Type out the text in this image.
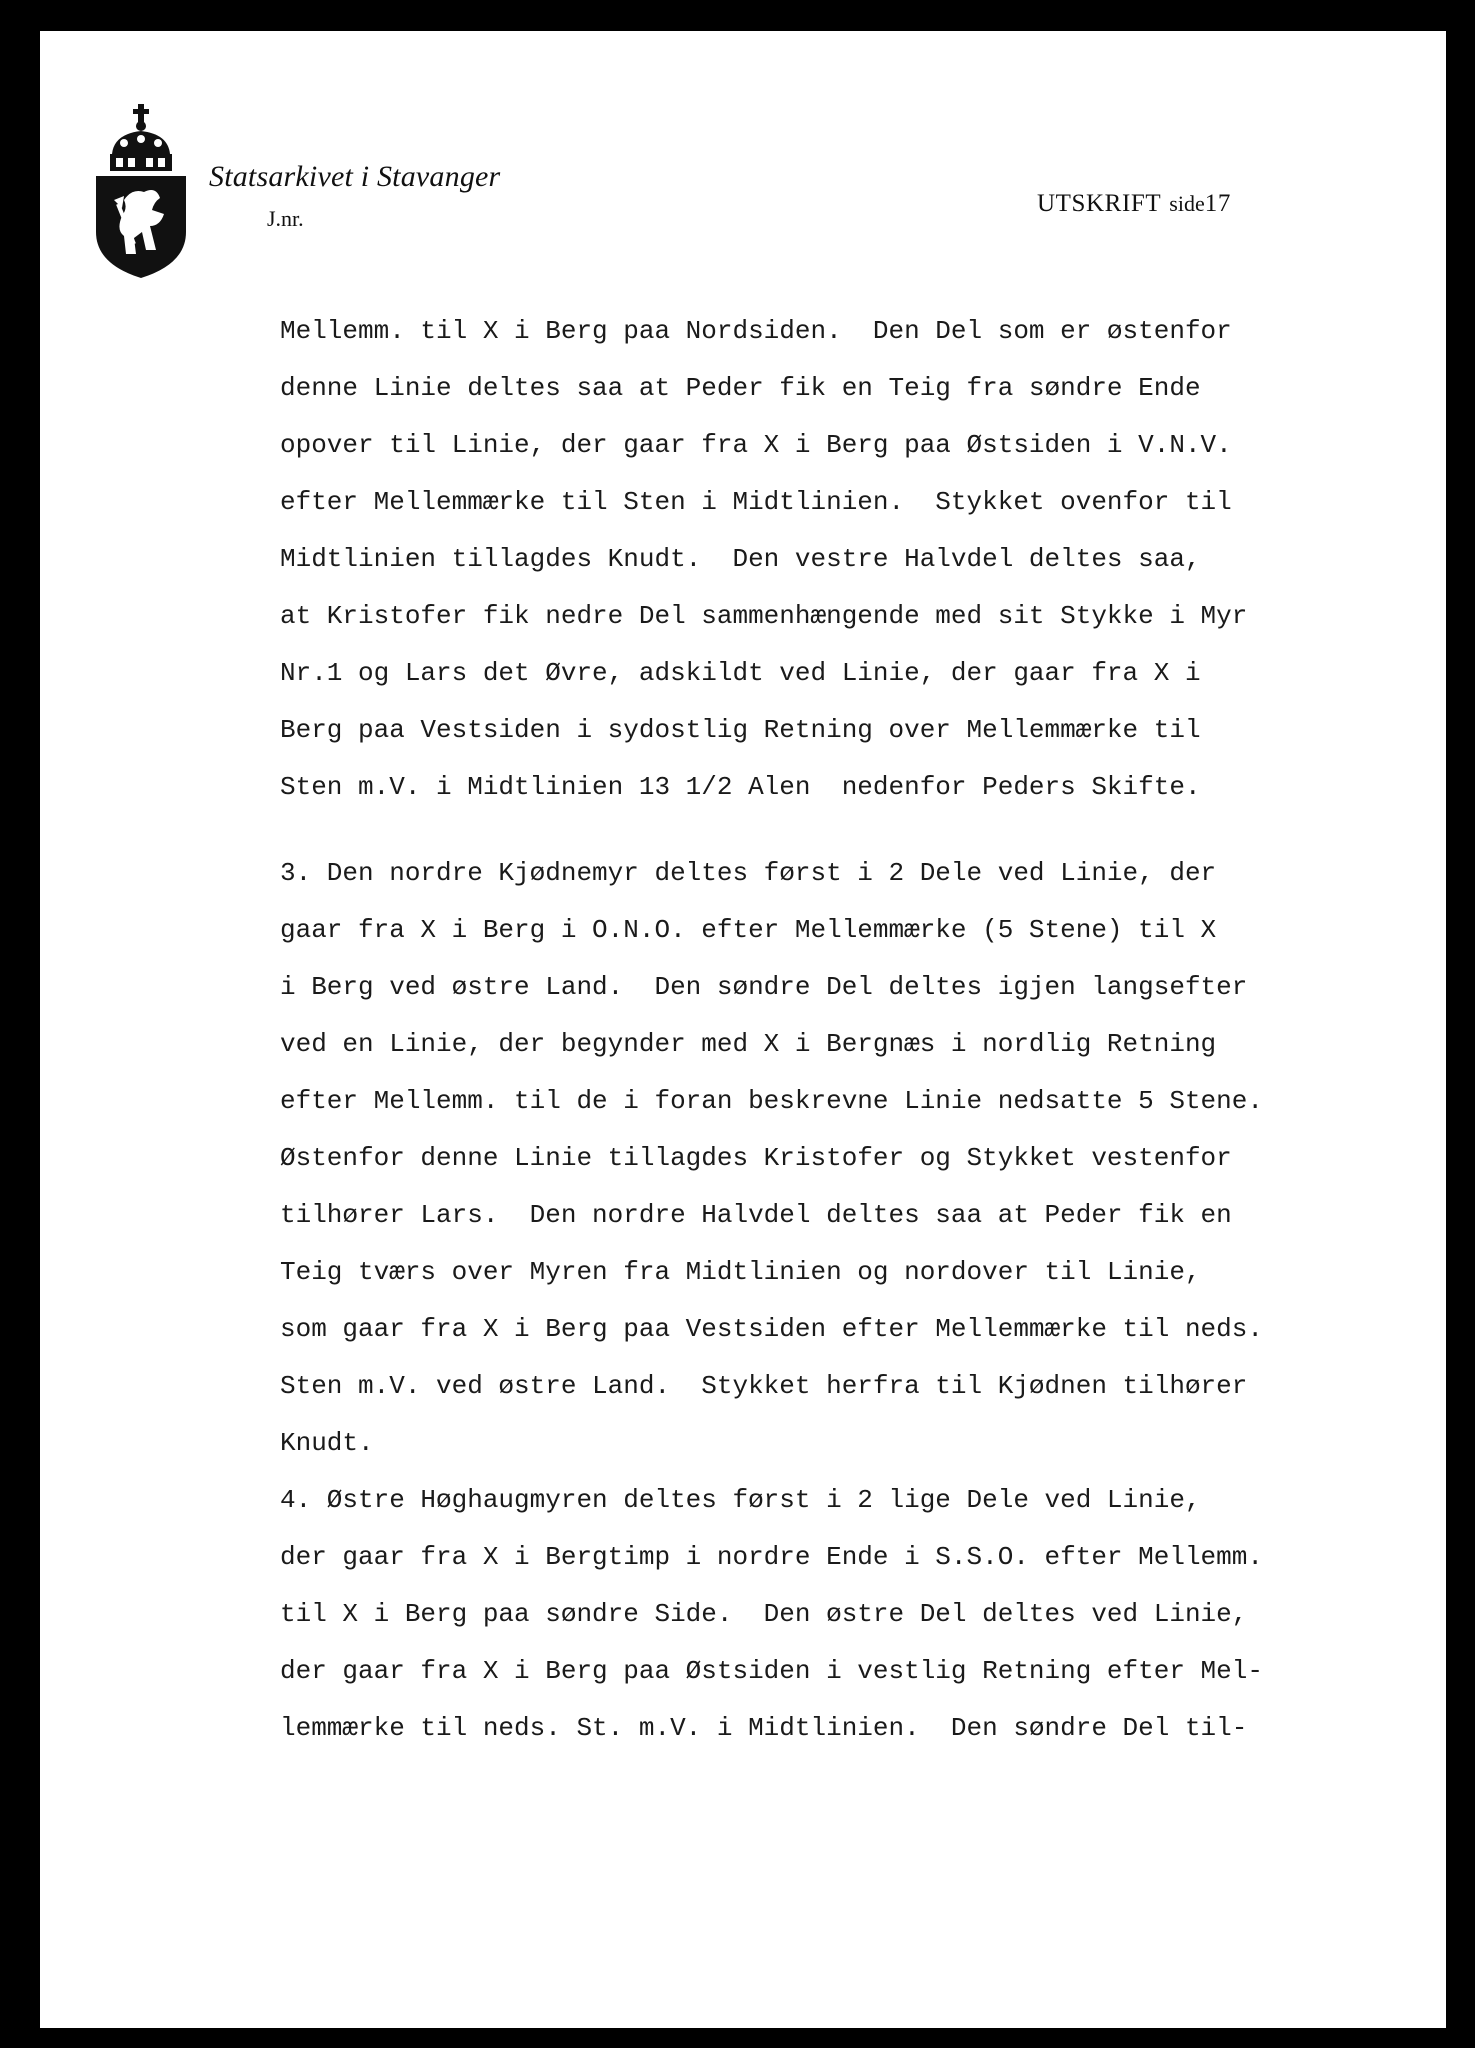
Statsarkivet i Stavanger
J.nr.
UTSKRIFT side17
Mellemm. til X i Berg paa Nordsiden.  Den Del som er østenfor
denne Linie deltes saa at Peder fik en Teig fra søndre Ende
opover til Linie, der gaar fra X i Berg paa Østsiden i V.N.V.
efter Mellemmærke til Sten i Midtlinien.  Stykket ovenfor til
Midtlinien tillagdes Knudt.  Den vestre Halvdel deltes saa,
at Kristofer fik nedre Del sammenhængende med sit Stykke i Myr
Nr.1 og Lars det Øvre, adskildt ved Linie, der gaar fra X i
Berg paa Vestsiden i sydostlig Retning over Mellemmærke til
Sten m.V. i Midtlinien 13 1/2 Alen  nedenfor Peders Skifte.
3. Den nordre Kjødnemyr deltes først i 2 Dele ved Linie, der
gaar fra X i Berg i O.N.O. efter Mellemmærke (5 Stene) til X
i Berg ved østre Land.  Den søndre Del deltes igjen langsefter
ved en Linie, der begynder med X i Bergnæs i nordlig Retning
efter Mellemm. til de i foran beskrevne Linie nedsatte 5 Stene.
Østenfor denne Linie tillagdes Kristofer og Stykket vestenfor
tilhører Lars.  Den nordre Halvdel deltes saa at Peder fik en
Teig tværs over Myren fra Midtlinien og nordover til Linie,
som gaar fra X i Berg paa Vestsiden efter Mellemmærke til neds.
Sten m.V. ved østre Land.  Stykket herfra til Kjødnen tilhører
Knudt.
4. Østre Høghaugmyren deltes først i 2 lige Dele ved Linie,
der gaar fra X i Bergtimp i nordre Ende i S.S.O. efter Mellemm.
til X i Berg paa søndre Side.  Den østre Del deltes ved Linie,
der gaar fra X i Berg paa Østsiden i vestlig Retning efter Mel-
lemmærke til neds. St. m.V. i Midtlinien.  Den søndre Del til-
